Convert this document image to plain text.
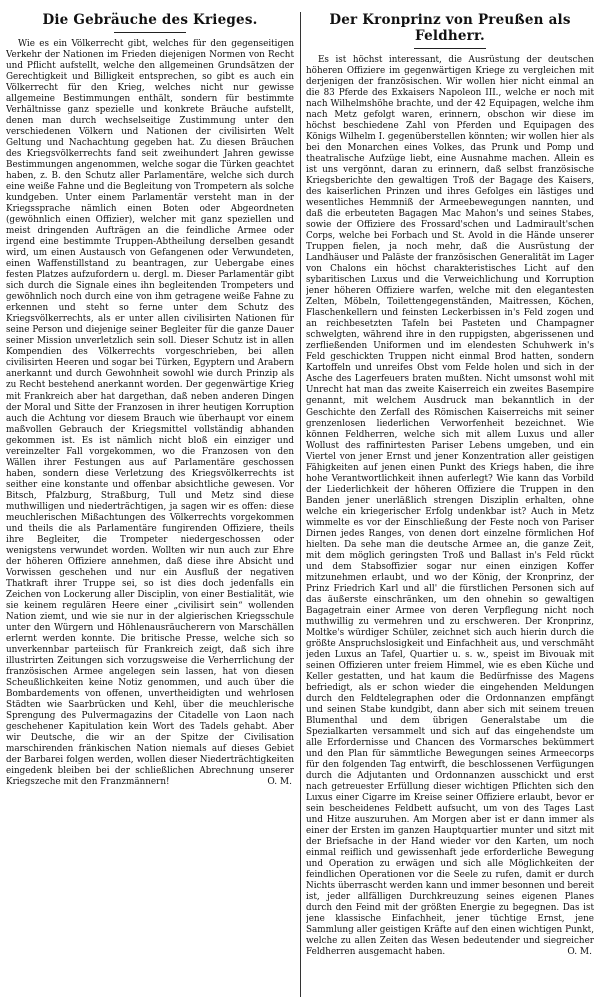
Die Gebräuche des Krieges.

Wie es ein Völkerrecht gibt, welches für den gegenseitigen Verkehr der Nationen im Frieden diejenigen Normen von Recht und Pflicht aufstellt, welche den allgemeinen Grundsätzen der Gerechtigkeit und Billigkeit entsprechen, so gibt es auch ein Völkerrecht für den Krieg, welches nicht nur gewisse allgemeine Bestimmungen enthält, sondern für bestimmte Verhältnisse ganz spezielle und konkrete Bräuche aufstellt, denen man durch wechselseitige Zustimmung unter den verschiedenen Völkern und Nationen der civilisirten Welt Geltung und Nachachtung gegeben hat. Zu diesen Bräuchen des Kriegsvölkerrechts fand seit zweihundert Jahren gewisse Bestimmungen angenommen, welche sogar die Türken geachtet haben, z. B. den Schutz aller Parlamentäre, welche sich durch eine weiße Fahne und die Begleitung von Trompetern als solche kundgeben. Unter einem Parlamentär versteht man in der Kriegssprache nämlich einen Boten oder Abgeordneten (gewöhnlich einen Offizier), welcher mit ganz speziellen und meist dringenden Aufträgen an die feindliche Armee oder irgend eine bestimmte Truppen-Abtheilung derselben gesandt wird, um einen Austausch von Gefangenen oder Verwundeten, einen Waffenstillstand zu beantragen, zur Uebergabe eines festen Platzes aufzufordern u. dergl. m. Dieser Parlamentär gibt sich durch die Signale eines ihn begleitenden Trompeters und gewöhnlich noch durch eine von ihm getragene weiße Fahne zu erkennen und steht so ferne unter dem Schutz des Kriegsvölkerrechts, als er unter allen civilisirten Nationen für seine Person und diejenige seiner Begleiter für die ganze Dauer seiner Mission unverletzlich sein soll. Dieser Schutz ist in allen Kompendien des Völkerrechts vorgeschrieben, bei allen civilisirten Heeren und sogar bei Türken, Egyptern und Arabern anerkannt und durch Gewohnheit sowohl wie durch Prinzip als zu Recht bestehend anerkannt worden. Der gegenwärtige Krieg mit Frankreich aber hat dargethan, daß neben anderen Dingen der Moral und Sitte der Franzosen in ihrer heutigen Korruption auch die Achtung vor diesem Brauch wie überhaupt vor einem maßvollen Gebrauch der Kriegsmittel vollständig abhanden gekommen ist. Es ist nämlich nicht bloß ein einziger und vereinzelter Fall vorgekommen, wo die Franzosen von den Wällen ihrer Festungen aus auf Parlamentäre geschossen haben, sondern diese Verletzung des Kriegsvölkerrechts ist seither eine konstante und offenbar absichtliche gewesen. Vor Bitsch, Pfalzburg, Straßburg, Tull und Metz sind diese muthwilligen und niederträchtigen, ja sagen wir es offen: diese meuchlerischen Mißachtungen des Völkerrechts vorgekommen und theils die als Parlamentäre fungirenden Offiziere, theils ihre Begleiter, die Trompeter niedergeschossen oder wenigstens verwundet worden. Wollten wir nun auch zur Ehre der höheren Offiziere annehmen, daß diese ihre Absicht und Vorwissen geschehen und nur ein Ausfluß der negativen Thatkraft ihrer Truppe sei, so ist dies doch jedenfalls ein Zeichen von Lockerung aller Disciplin, von einer Bestialität, wie sie keinem regulären Heere einer „civilisirt sein“ wollenden Nation ziemt, und wie sie nur in der algierischen Kriegsschule unter den Würgern und Höhlenausräucherern von Marschällen erlernt werden konnte. Die britische Presse, welche sich so unverkennbar parteiisch für Frankreich zeigt, daß sich ihre illustrirten Zeitungen sich vorzugsweise die Verherrlichung der französischen Armee angelegen sein lassen, hat von diesen Scheußlichkeiten keine Notiz genommen, und auch über die Bombardements von offenen, unvertheidigten und wehrlosen Städten wie Saarbrücken und Kehl, über die meuchlerische Sprengung des Pulvermagazins der Citadelle von Laon nach geschehener Kapitulation kein Wort des Tadels gehabt. Aber wir Deutsche, die wir an der Spitze der Civilisation marschirenden fränkischen Nation niemals auf dieses Gebiet der Barbarei folgen werden, wollen dieser Niederträchtigkeiten eingedenk bleiben bei der schließlichen Abrechnung unserer Kriegszeche mit den Franzmännern!	O. M.
Der Kronprinz von Preußen als Feldherr.

Es ist höchst interessant, die Ausrüstung der deutschen höheren Offiziere im gegenwärtigen Kriege zu vergleichen mit derjenigen der französischen. Wir wollen hier nicht einmal an die 83 Pferde des Exkaisers Napoleon III., welche er noch mit nach Wilhelmshöhe brachte, und der 42 Equipagen, welche ihm nach Metz gefolgt waren, erinnern, obschon wir diese im höchst beschiedene Zahl von Pferden und Equipagen des Königs Wilhelm I. gegenüberstellen könnten; wir wollen hier als bei den Monarchen eines Volkes, das Prunk und Pomp und theatralische Aufzüge liebt, eine Ausnahme machen. Allein es ist uns vergönnt, daran zu erinnern, daß selbst französische Kriegsberichte den gewaltigen Troß der Bagage des Kaisers, des kaiserlichen Prinzen und ihres Gefolges ein lästiges und wesentliches Hemmniß der Armeebewegungen nannten, und daß die erbeuteten Bagagen Mac Mahon's und seines Stabes, sowie der Offiziere des Frossard'schen und Ladmirault'schen Corps, welche bei Forbach und St. Avold in die Hände unserer Truppen fielen, ja noch mehr, daß die Ausrüstung der Landhäuser und Paläste der französischen Generalität im Lager von Chalons ein höchst charakteristisches Licht auf den sybaritischen Luxus und die Verweichlichung und Korruption jener höheren Offiziere warfen, welche mit den elegantesten Zelten, Möbeln, Toilettengegenständen, Maitressen, Köchen, Flaschenkellern und feinsten Leckerbissen in's Feld zogen und an reichbesetzten Tafeln bei Pasteten und Champagner schwelgten, während ihre in den ruppigsten, abgerissenen und zerfließenden Uniformen und im elendesten Schuhwerk in's Feld geschickten Truppen nicht einmal Brod hatten, sondern Kartoffeln und unreifes Obst vom Felde holen und sich in der Asche des Lagerfeuers braten mußten. Nicht umsonst wohl mit Unrecht hat man das zweite Kaiserreich ein zweites Basempire genannt, mit welchem Ausdruck man bekanntlich in der Geschichte den Zerfall des Römischen Kaiserreichs mit seiner grenzenlosen liederlichen Verworfenheit bezeichnet. Wie können Feldherren, welche sich mit allem Luxus und aller Wollust des raffinirtesten Pariser Lebens umgeben, und ein Viertel von jener Ernst und jener Konzentration aller geistigen Fähigkeiten auf jenen einen Punkt des Kriegs haben, die ihre hohe Verantwortlichkeit ihnen auferlegt? Wie kann das Vorbild der Liederlichkeit der höheren Offiziere die Truppen in den Banden jener unerläßlich strengen Disziplin erhalten, ohne welche ein kriegerischer Erfolg undenkbar ist? Auch in Metz wimmelte es vor der Einschließung der Feste noch von Pariser Dirnen jedes Ranges, von denen dort einzelne förmlichen Hof hielten. Da sehe man die deutsche Armee an, die ganze Zeit, mit dem möglich geringsten Troß und Ballast in's Feld rückt und dem Stabsoffizier sogar nur einen einzigen Koffer mitzunehmen erlaubt, und wo der König, der Kronprinz, der Prinz Friedrich Karl und all' die fürstlichen Personen sich auf das äußerste einschränken, um den ohnehin so gewaltigen Bagagetrain einer Armee von deren Verpflegung nicht noch muthwillig zu vermehren und zu erschweren. Der Kronprinz, Moltke's würdiger Schüler, zeichnet sich auch hierin durch die größte Anspruchslosigkeit und Einfachheit aus, und verschmäht jeden Luxus an Tafel, Quartier u. s. w., speist im Bivouak mit seinen Offizieren unter freiem Himmel, wie es eben Küche und Keller gestatten, und hat kaum die Bedürfnisse des Magens befriedigt, als er schon wieder die eingehenden Meldungen durch den Feldtelegraphen oder die Ordonnanzen empfängt und seinen Stabe kundgibt, dann aber sich mit seinem treuen Blumenthal und dem übrigen Generalstabe um die Spezialkarten versammelt und sich auf das eingehendste um alle Erfordernisse und Chancen des Vormarsches bekümmert und den Plan für sämmtliche Bewegungen seines Armeecorps für den folgenden Tag entwirft, die beschlossenen Verfügungen durch die Adjutanten und Ordonnanzen ausschickt und erst nach getreuester Erfüllung dieser wichtigen Pflichten sich den Luxus einer Cigarre im Kreise seiner Offiziere erlaubt, bevor er sein bescheidenes Feldbett aufsucht, um von des Tages Last und Hitze auszuruhen. Am Morgen aber ist er dann immer als einer der Ersten im ganzen Hauptquartier munter und sitzt mit der Briefsache in der Hand wieder vor den Karten, um noch einmal reiflich und gewissenhaft jede erforderliche Bewegung und Operation zu erwägen und sich alle Möglichkeiten der feindlichen Operationen vor die Seele zu rufen, damit er durch Nichts überrascht werden kann und immer besonnen und bereit ist, jeder allfälligen Durchkreuzung seines eigenen Planes durch den Feind mit der größten Energie zu begegnen. Das ist jene klassische Einfachheit, jener tüchtige Ernst, jene Sammlung aller geistigen Kräfte auf den einen wichtigen Punkt, welche zu allen Zeiten das Wesen bedeutender und siegreicher Feldherren ausgemacht haben.	O. M.
